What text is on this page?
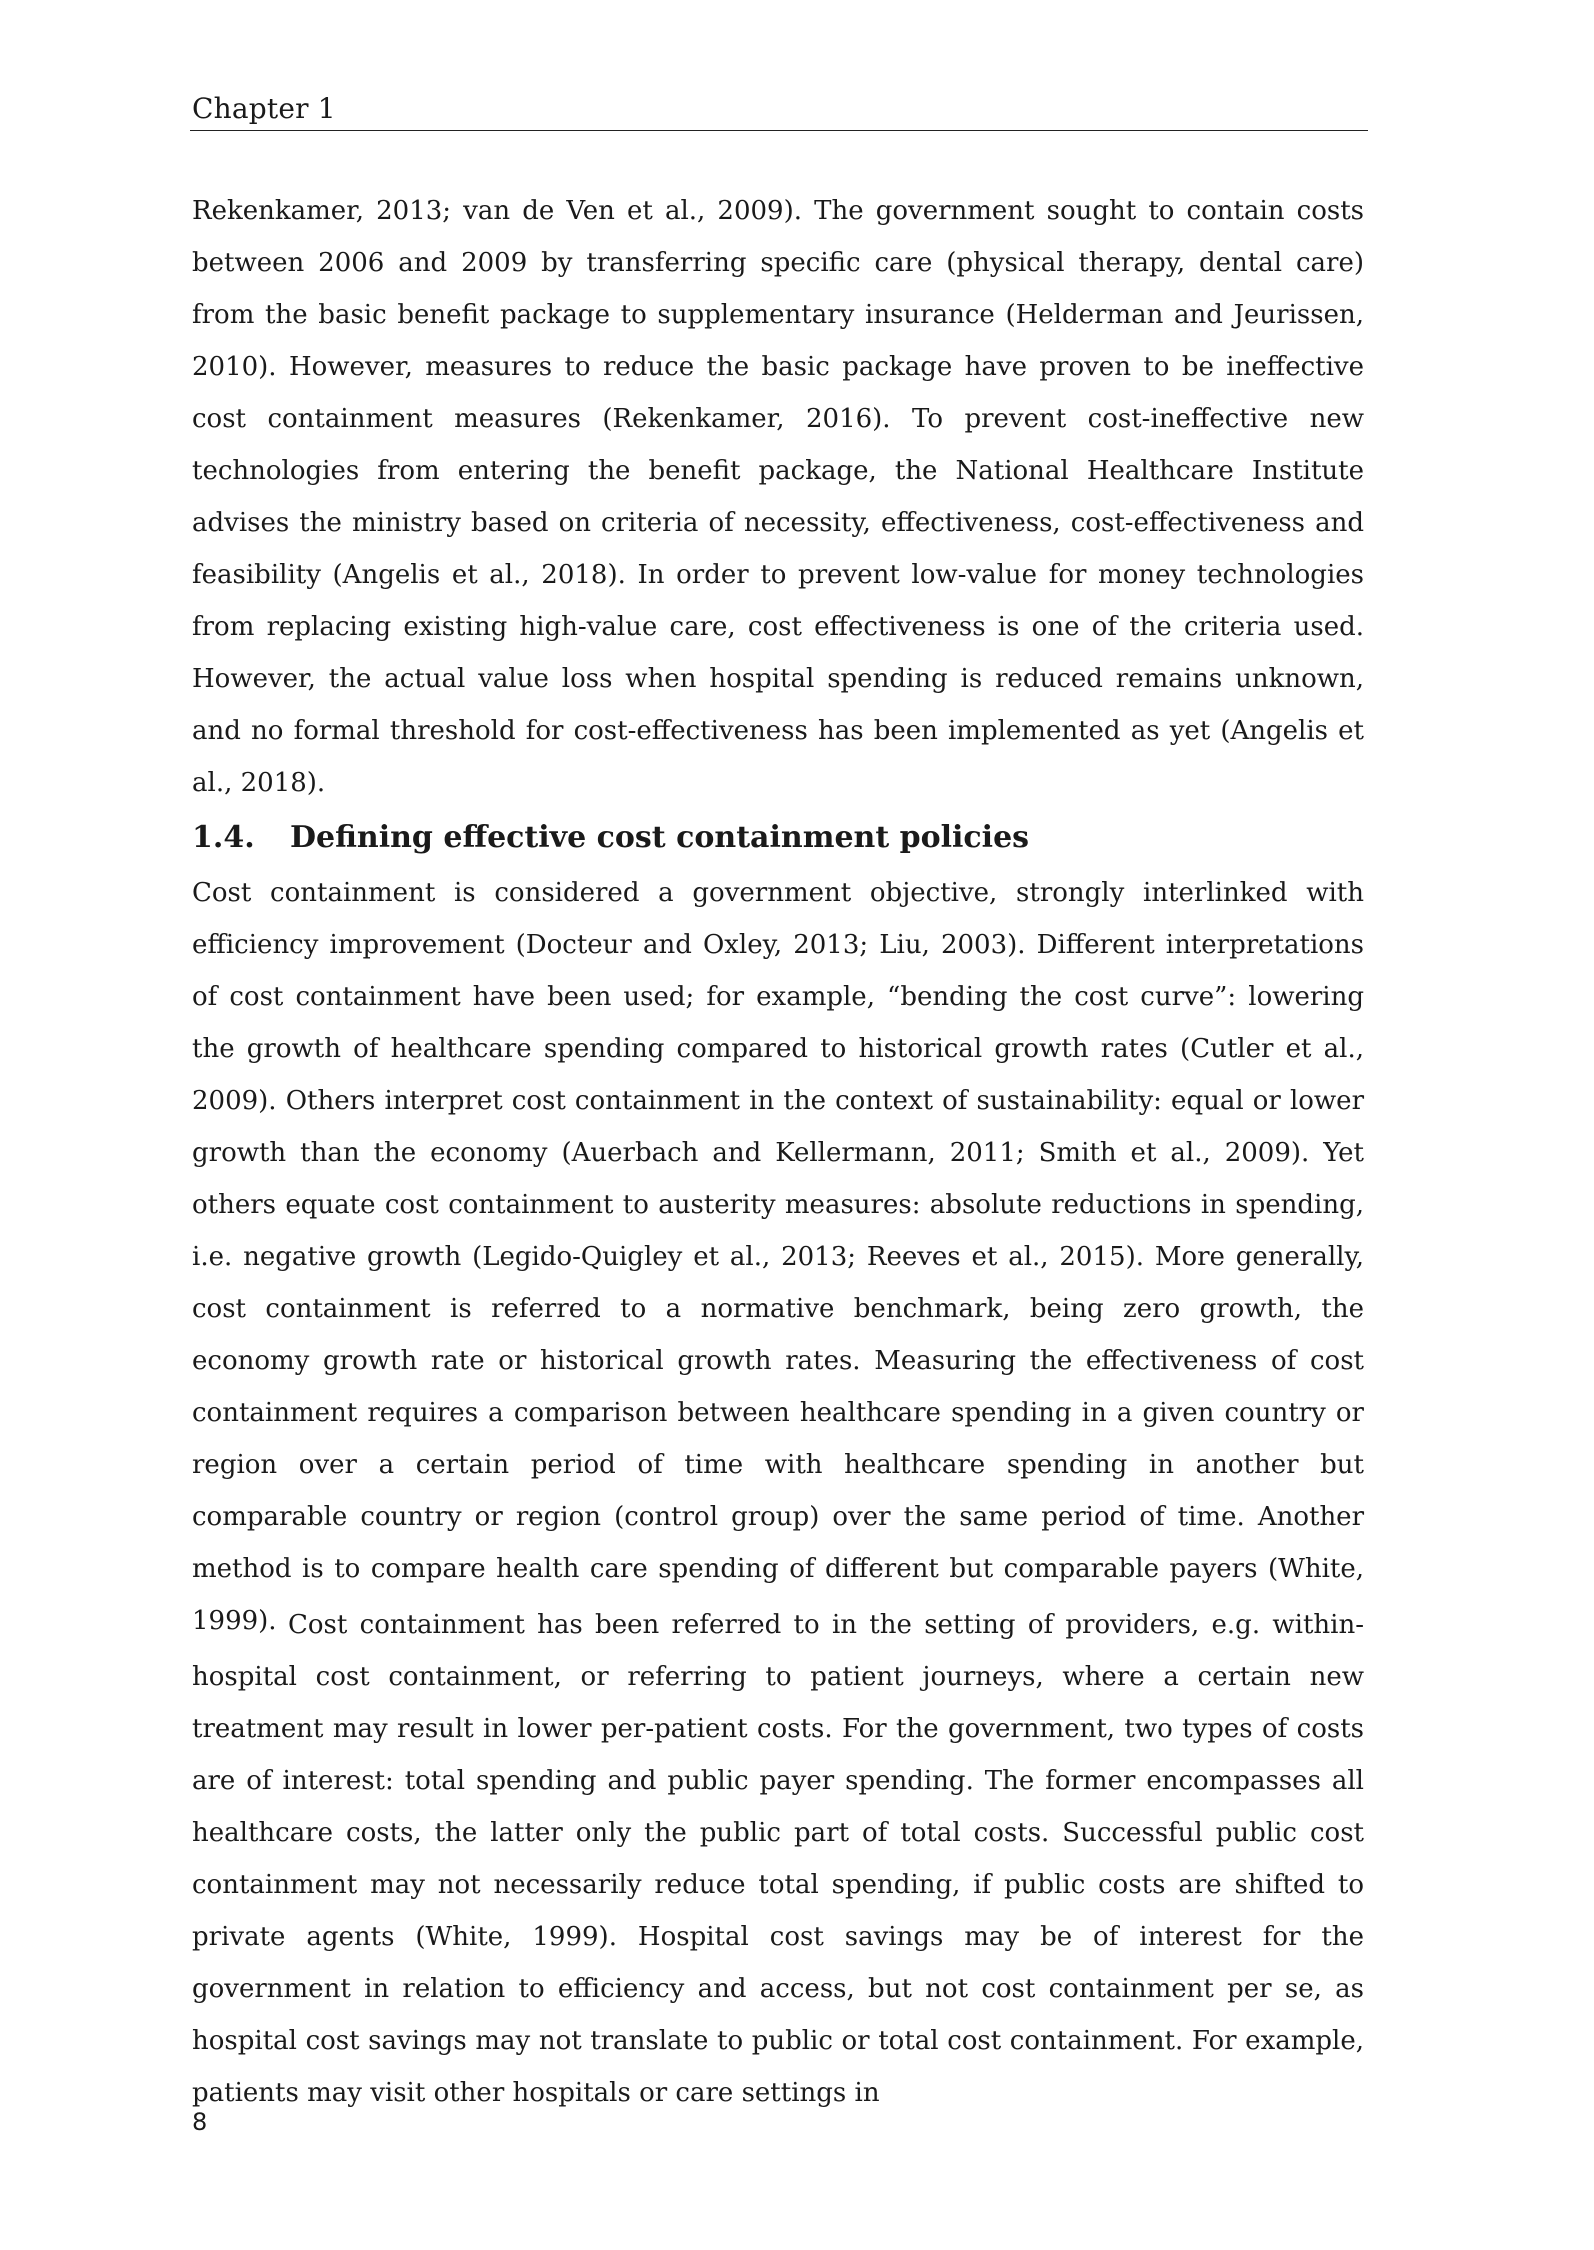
Chapter 1

Rekenkamer, 2013; van de Ven et al., 2009). The government sought to contain costs between 2006 and 2009 by transferring specific care (physical therapy, dental care) from the basic benefit package to supplementary insurance (Helderman and Jeurissen, 2010). However, measures to reduce the basic package have proven to be ineffective cost containment measures (Rekenkamer, 2016). To prevent cost-ineffective new technologies from entering the benefit package, the National Healthcare Institute advises the ministry based on criteria of necessity, effectiveness, cost-effectiveness and feasibility (Angelis et al., 2018). In order to prevent low-value for money technologies from replacing existing high-value care, cost effectiveness is one of the criteria used. However, the actual value loss when hospital spending is reduced remains unknown, and no formal threshold for cost-effectiveness has been implemented as yet (Angelis et al., 2018).

1.4. Defining effective cost containment policies

Cost containment is considered a government objective, strongly interlinked with efficiency improvement (Docteur and Oxley, 2013; Liu, 2003). Different interpretations of cost containment have been used; for example, “bending the cost curve”: lowering the growth of healthcare spending compared to historical growth rates (Cutler et al., 2009). Others interpret cost containment in the context of sustainability: equal or lower growth than the economy (Auerbach and Kellermann, 2011; Smith et al., 2009). Yet others equate cost containment to austerity measures: absolute reductions in spending, i.e. negative growth (Legido-Quigley et al., 2013; Reeves et al., 2015). More generally, cost containment is referred to a normative benchmark, being zero growth, the economy growth rate or historical growth rates. Measuring the effectiveness of cost containment requires a comparison between healthcare spending in a given country or region over a certain period of time with healthcare spending in another but comparable country or region (control group) over the same period of time. Another method is to compare health care spending of different but comparable payers (White, 1999). Cost containment has been referred to in the setting of providers, e.g. within-hospital cost containment, or referring to patient journeys, where a certain new treatment may result in lower per-patient costs. For the government, two types of costs are of interest: total spending and public payer spending. The former encompasses all healthcare costs, the latter only the public part of total costs. Successful public cost containment may not necessarily reduce total spending, if public costs are shifted to private agents (White, 1999). Hospital cost savings may be of interest for the government in relation to efficiency and access, but not cost containment per se, as hospital cost savings may not translate to public or total cost containment. For example, patients may visit other hospitals or care settings in

8
